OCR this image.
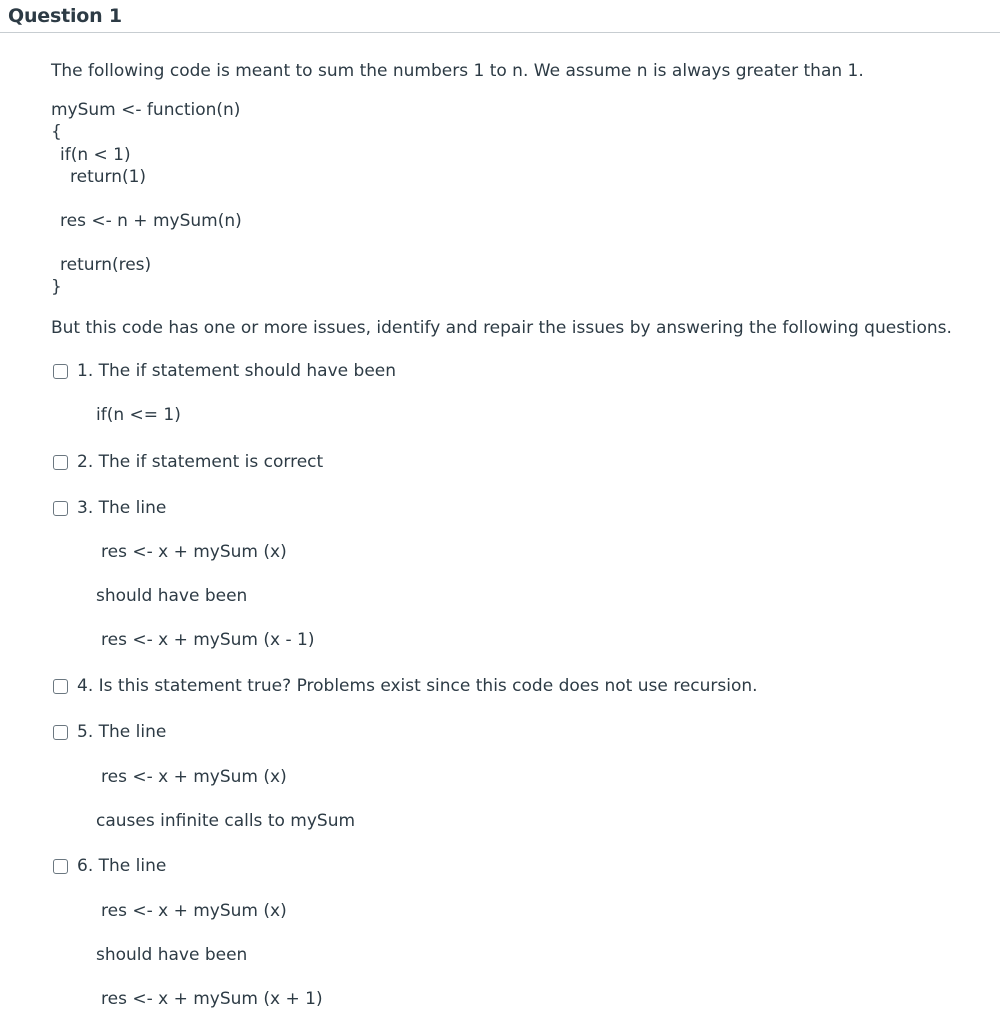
Question 1
The following code is meant to sum the numbers 1 to n. We assume n is always greater than 1.
mySum <- function(n)
{
if(n < 1)
return(1)
res <- n + mySum(n)
return(res)
}
But this code has one or more issues, identify and repair the issues by answering the following questions.
1. The if statement should have been
if(n <= 1)
2. The if statement is correct
3. The line
res <- x + mySum (x)
should have been
res <- x + mySum (x - 1)
4. Is this statement true? Problems exist since this code does not use recursion.
5. The line
res <- x + mySum (x)
causes infinite calls to mySum
6. The line
res <- x + mySum (x)
should have been
res <- x + mySum (x + 1)
